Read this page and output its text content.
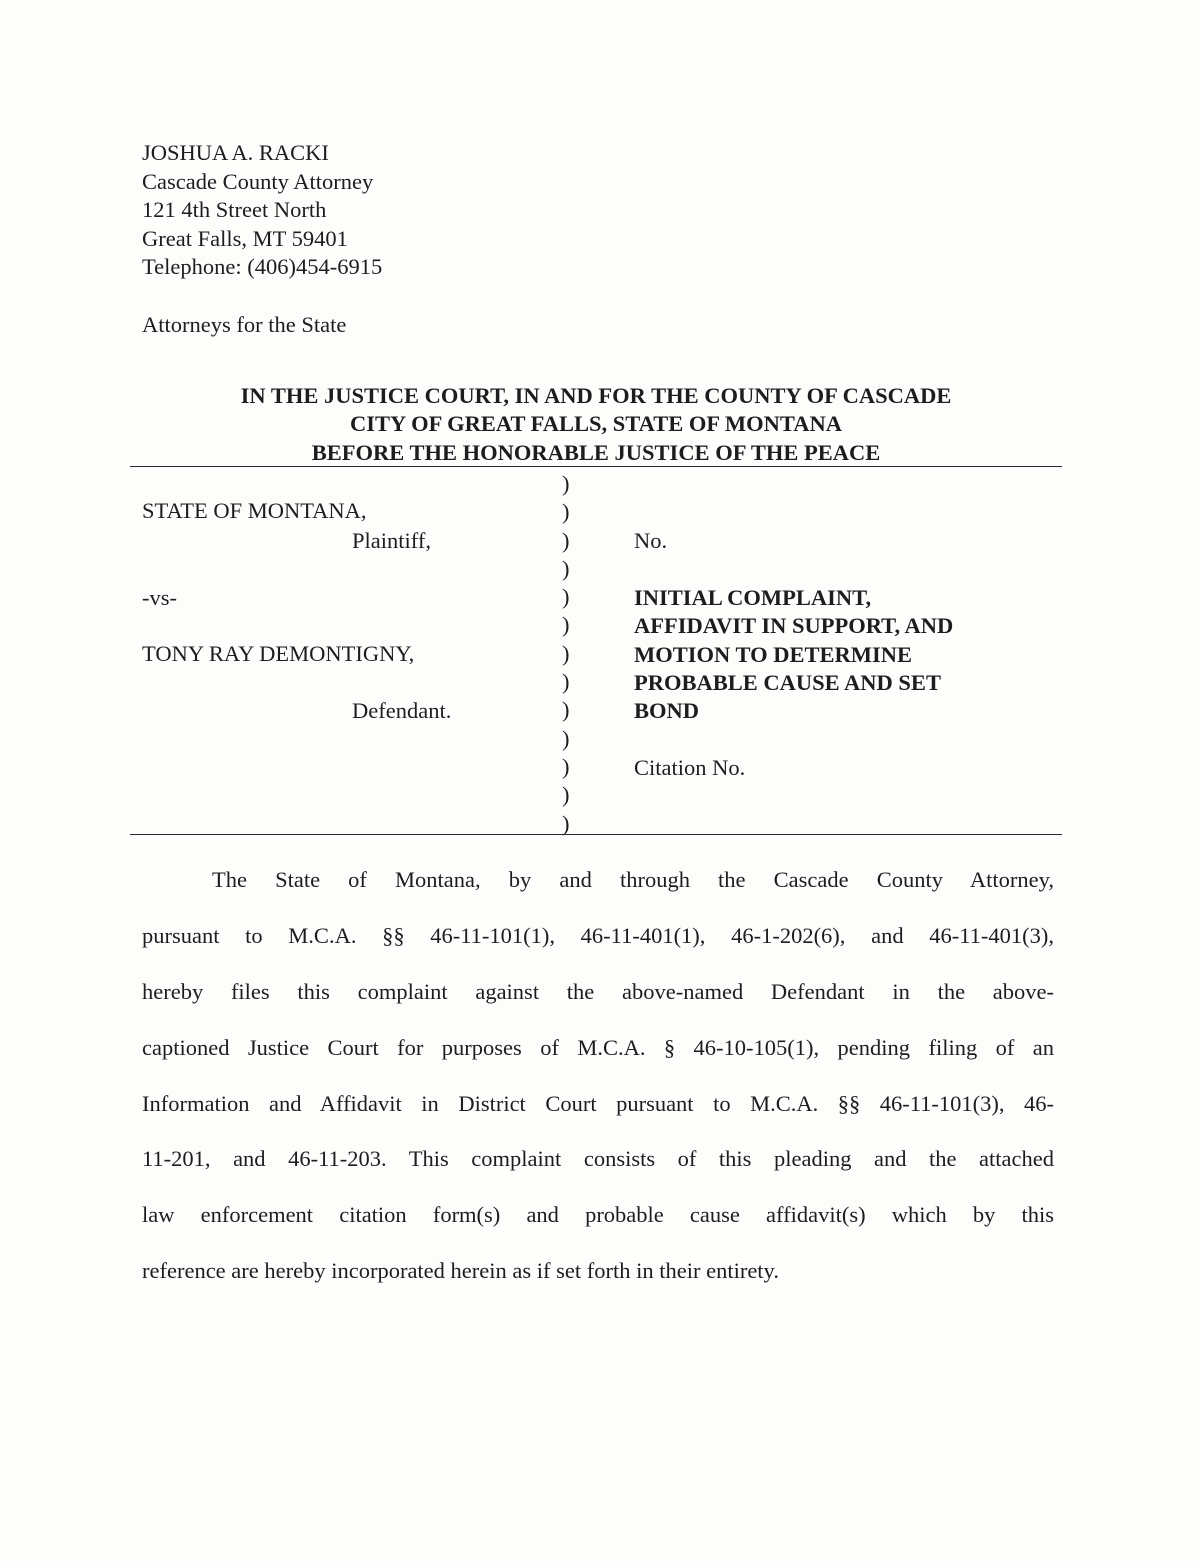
JOSHUA A. RACKI
Cascade County Attorney
121 4th Street North
Great Falls, MT 59401
Telephone: (406)454-6915
Attorneys for the State
IN THE JUSTICE COURT, IN AND FOR THE COUNTY OF CASCADE
CITY OF GREAT FALLS, STATE OF MONTANA
BEFORE THE HONORABLE JUSTICE OF THE PEACE
STATE OF MONTANA,
Plaintiff,
-vs-
TONY RAY DEMONTIGNY,
Defendant.
)
)
)
)
)
)
)
)
)
)
)
)
)
No.
INITIAL COMPLAINT,
AFFIDAVIT IN SUPPORT, AND
MOTION TO DETERMINE
PROBABLE CAUSE AND SET
BOND
Citation No.
The State of Montana, by and through the Cascade County Attorney,
pursuant to M.C.A. §§ 46-11-101(1), 46-11-401(1), 46-1-202(6), and 46-11-401(3),
hereby files this complaint against the above-named Defendant in the above-
captioned Justice Court for purposes of M.C.A. § 46-10-105(1), pending filing of an
Information and Affidavit in District Court pursuant to M.C.A. §§ 46-11-101(3), 46-
11-201, and 46-11-203. This complaint consists of this pleading and the attached
law enforcement citation form(s) and probable cause affidavit(s) which by this
reference are hereby incorporated herein as if set forth in their entirety.
